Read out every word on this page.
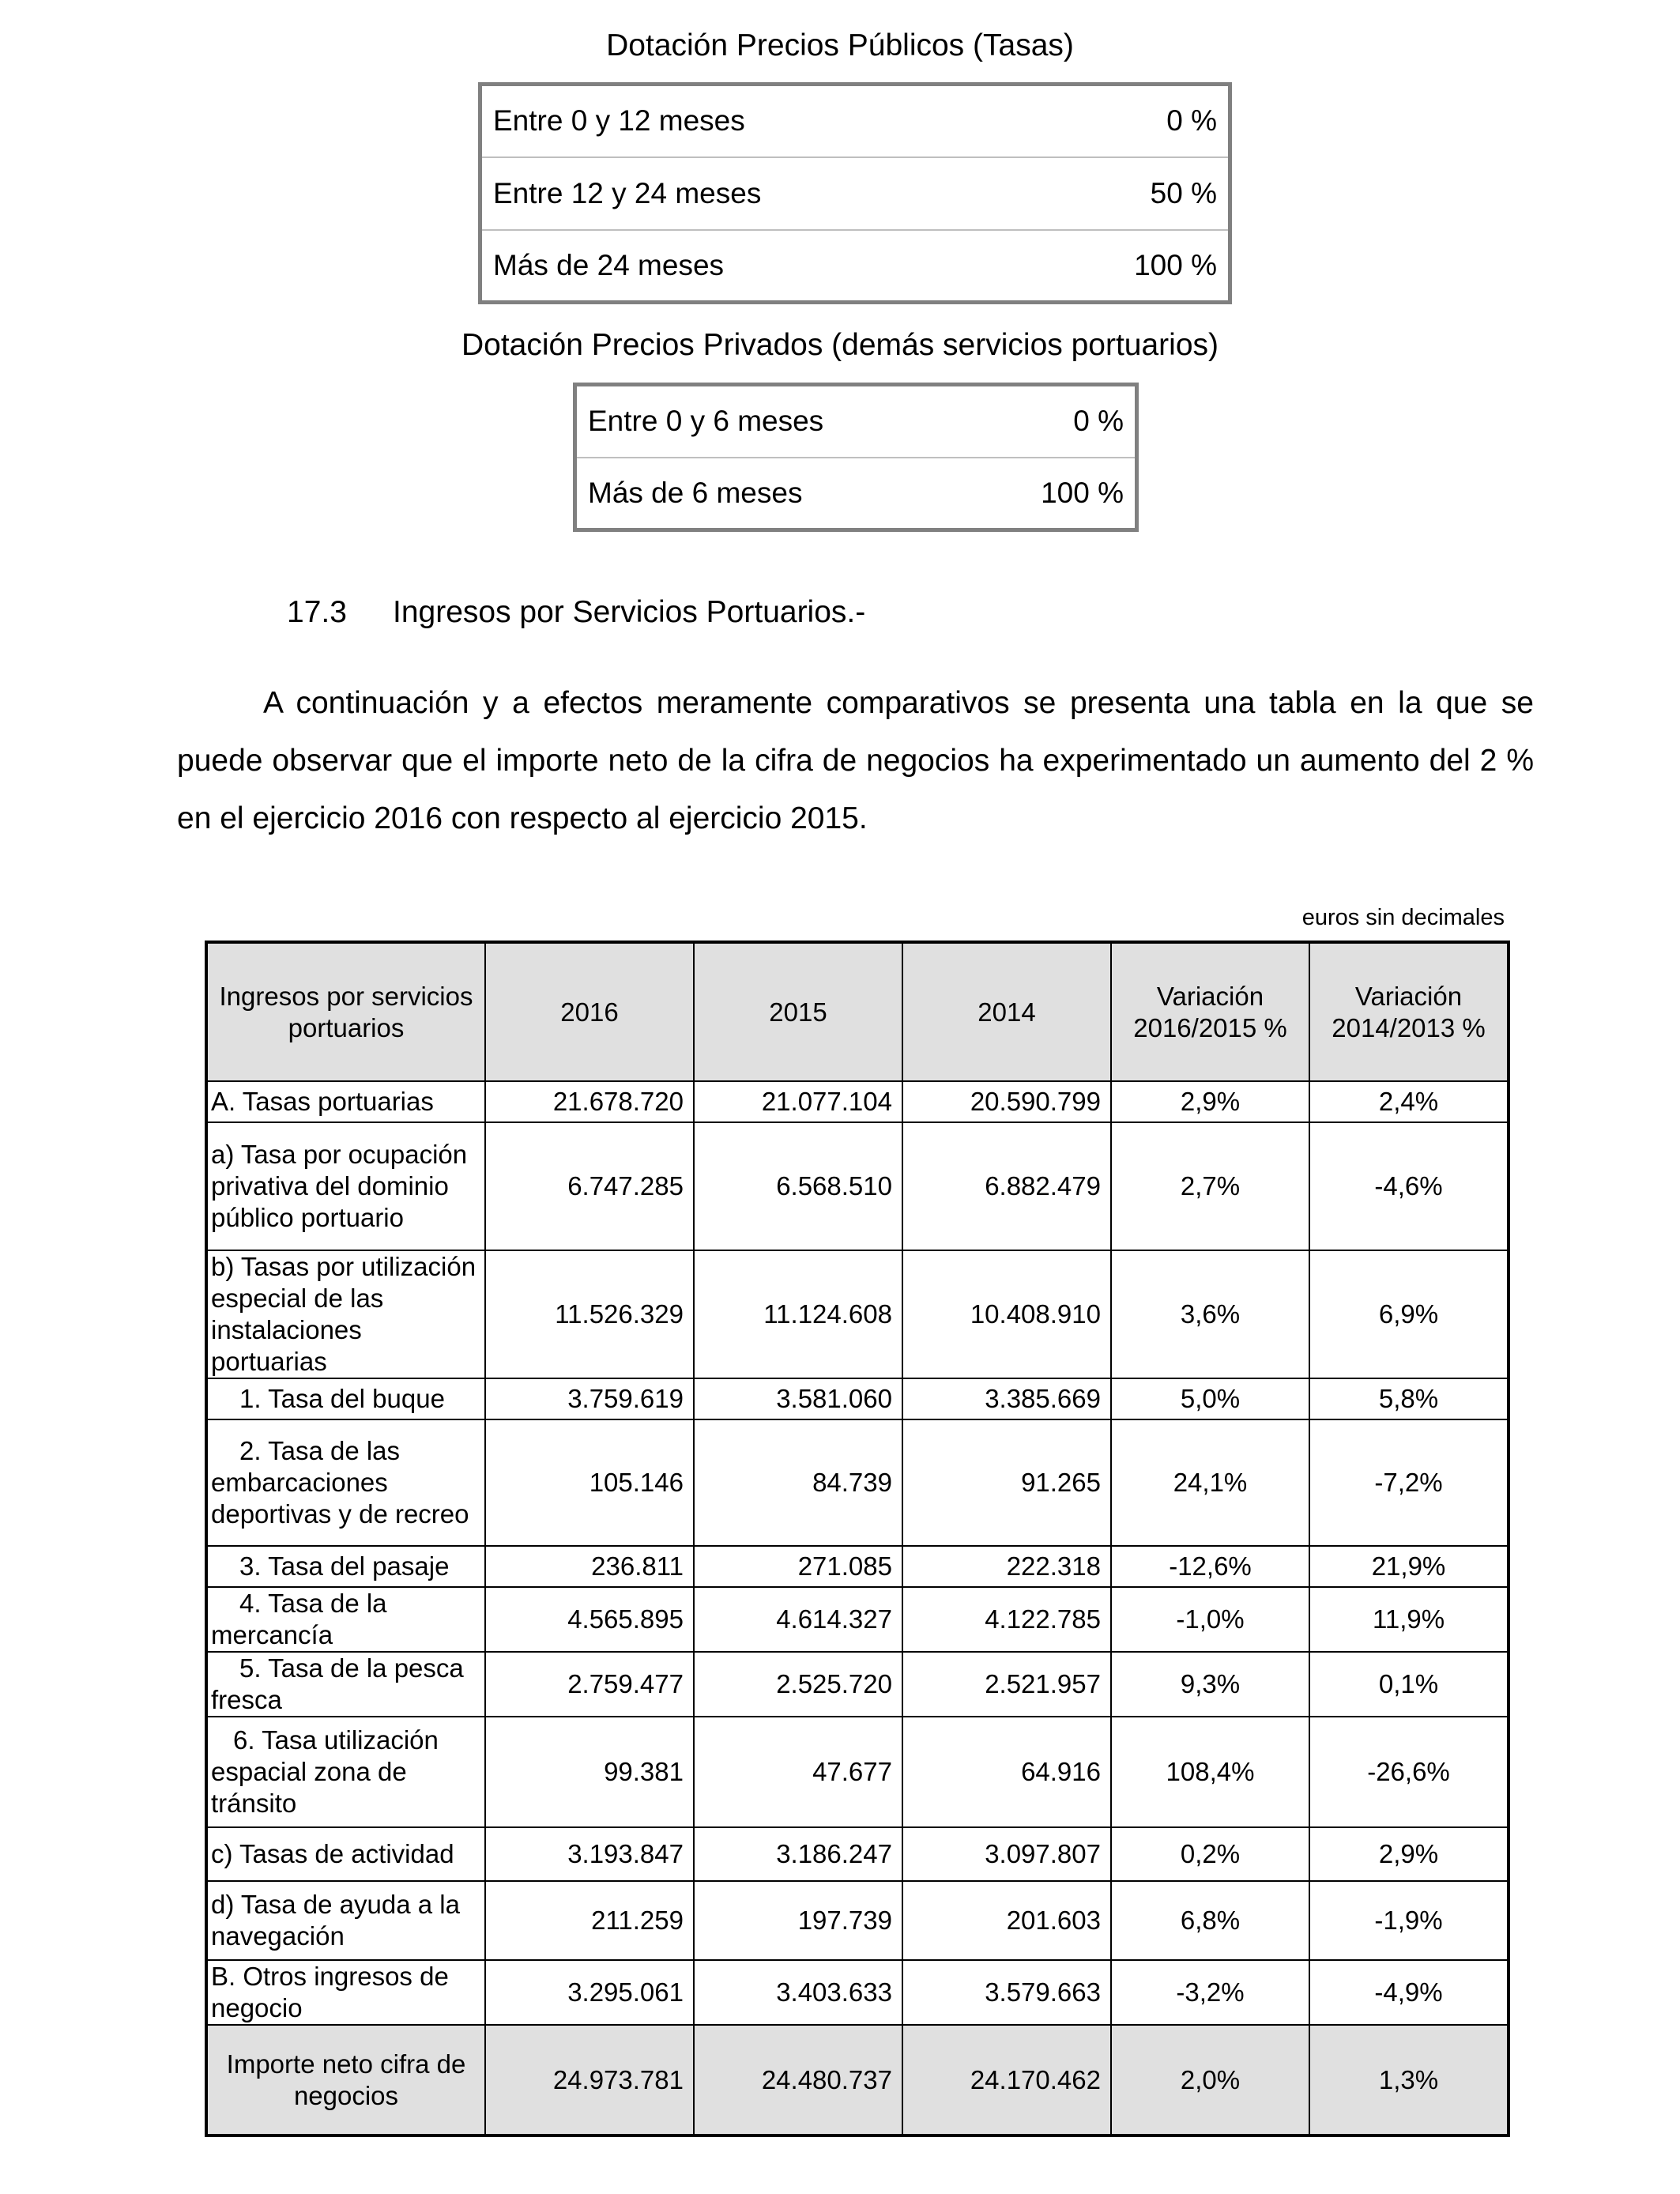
Dotación Precios Públicos (Tasas)
Entre 0 y 12 meses	0 %
Entre 12 y 24 meses	50 %
Más de 24 meses	100 %
Dotación Precios Privados (demás servicios portuarios)
Entre 0 y 6 meses	0 %
Más de 6 meses	100 %
17.3 Ingresos por Servicios Portuarios.-
A continuación y a efectos meramente comparativos se presenta una tabla en la que se puede observar que el importe neto de la cifra de negocios ha experimentado un aumento del 2 % en el ejercicio 2016 con respecto al ejercicio 2015.
euros sin decimales
Ingresos por servicios portuarios	2016	2015	2014	Variación 2016/2015 %	Variación 2014/2013 %
A. Tasas portuarias	21.678.720	21.077.104	20.590.799	2,9%	2,4%
a) Tasa por ocupación privativa del dominio público portuario	6.747.285	6.568.510	6.882.479	2,7%	-4,6%
b) Tasas por utilización especial de las instalaciones portuarias	11.526.329	11.124.608	10.408.910	3,6%	6,9%
1. Tasa del buque	3.759.619	3.581.060	3.385.669	5,0%	5,8%
2. Tasa de las embarcaciones deportivas y de recreo	105.146	84.739	91.265	24,1%	-7,2%
3. Tasa del pasaje	236.811	271.085	222.318	-12,6%	21,9%
4. Tasa de la mercancía	4.565.895	4.614.327	4.122.785	-1,0%	11,9%
5. Tasa de la pesca fresca	2.759.477	2.525.720	2.521.957	9,3%	0,1%
6. Tasa utilización espacial zona de tránsito	99.381	47.677	64.916	108,4%	-26,6%
c) Tasas de actividad	3.193.847	3.186.247	3.097.807	0,2%	2,9%
d) Tasa de ayuda a la navegación	211.259	197.739	201.603	6,8%	-1,9%
B. Otros ingresos de negocio	3.295.061	3.403.633	3.579.663	-3,2%	-4,9%
Importe neto cifra de negocios	24.973.781	24.480.737	24.170.462	2,0%	1,3%
